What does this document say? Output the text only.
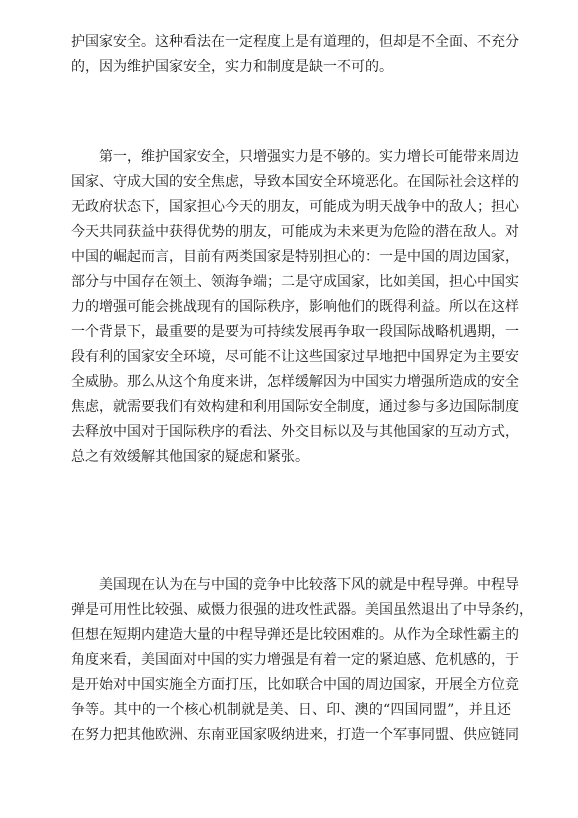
护国家安全。这种看法在一定程度上是有道理的，但却是不全面、不充分
的，因为维护国家安全，实力和制度是缺一不可的。

第一，维护国家安全，只增强实力是不够的。实力增长可能带来周边
国家、守成大国的安全焦虑，导致本国安全环境恶化。在国际社会这样的
无政府状态下，国家担心今天的朋友，可能成为明天战争中的敌人；担心
今天共同获益中获得优势的朋友，可能成为未来更为危险的潜在敌人。对
中国的崛起而言，目前有两类国家是特别担心的：一是中国的周边国家，
部分与中国存在领土、领海争端；二是守成国家，比如美国，担心中国实
力的增强可能会挑战现有的国际秩序，影响他们的既得利益。所以在这样
一个背景下，最重要的是要为可持续发展再争取一段国际战略机遇期，一
段有利的国家安全环境，尽可能不让这些国家过早地把中国界定为主要安
全威胁。那么从这个角度来讲，怎样缓解因为中国实力增强所造成的安全
焦虑，就需要我们有效构建和利用国际安全制度，通过参与多边国际制度
去释放中国对于国际秩序的看法、外交目标以及与其他国家的互动方式，
总之有效缓解其他国家的疑虑和紧张。

美国现在认为在与中国的竞争中比较落下风的就是中程导弹。中程导
弹是可用性比较强、威慑力很强的进攻性武器。美国虽然退出了中导条约，
但想在短期内建造大量的中程导弹还是比较困难的。从作为全球性霸主的
角度来看，美国面对中国的实力增强是有着一定的紧迫感、危机感的，于
是开始对中国实施全方面打压，比如联合中国的周边国家，开展全方位竞
争等。其中的一个核心机制就是美、日、印、澳的“四国同盟”，并且还
在努力把其他欧洲、东南亚国家吸纳进来，打造一个军事同盟、供应链同
